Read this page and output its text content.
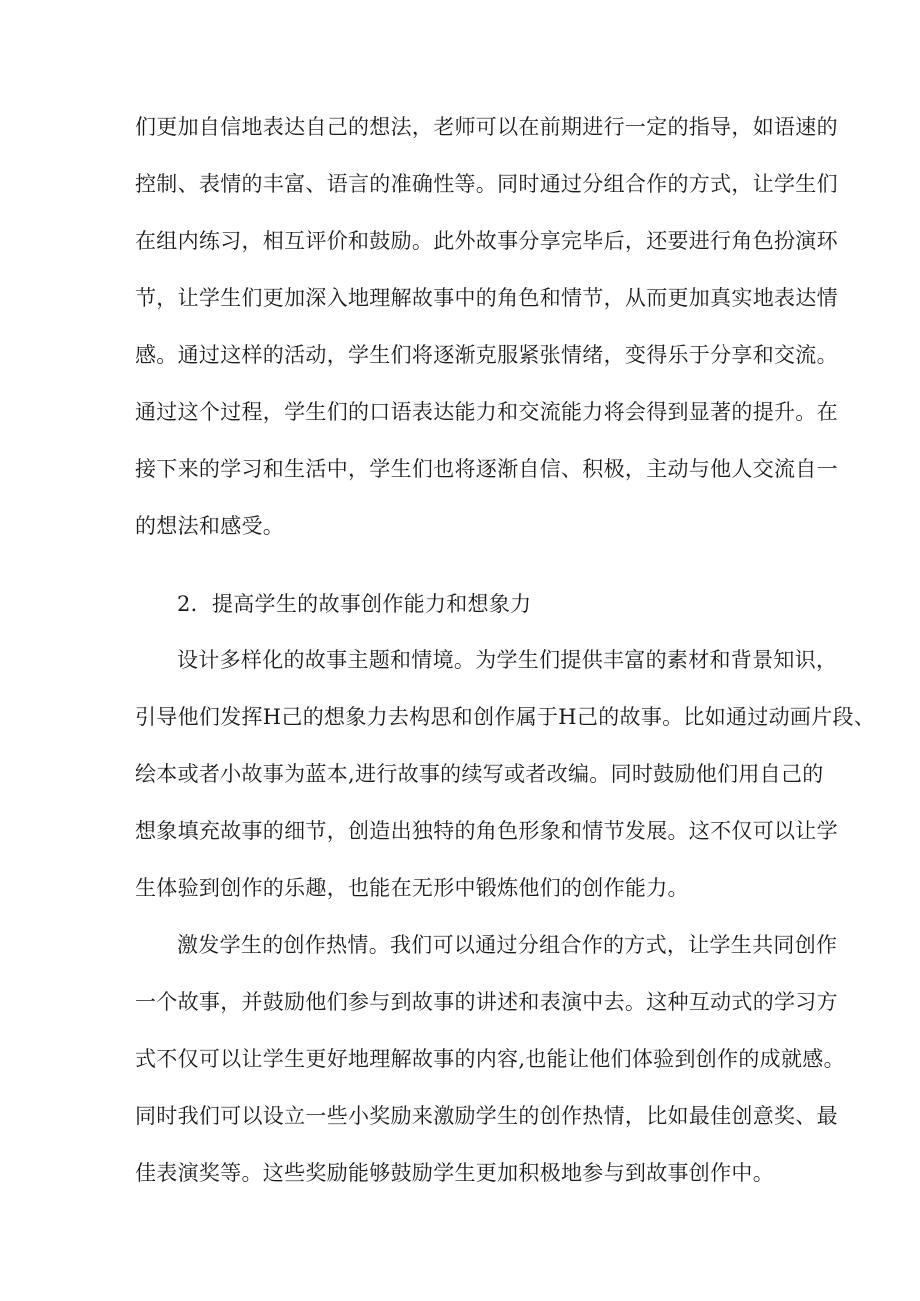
们更加自信地表达自己的想法，老师可以在前期进行一定的指导，如语速的
控制、表情的丰富、语言的准确性等。同时通过分组合作的方式，让学生们
在组内练习，相互评价和鼓励。此外故事分享完毕后，还要进行角色扮演环
节，让学生们更加深入地理解故事中的角色和情节，从而更加真实地表达情
感。通过这样的活动，学生们将逐渐克服紧张情绪，变得乐于分享和交流。
通过这个过程，学生们的口语表达能力和交流能力将会得到显著的提升。在
接下来的学习和生活中，学生们也将逐渐自信、积极，主动与他人交流自一
的想法和感受。
2．提高学生的故事创作能力和想象力
设计多样化的故事主题和情境。为学生们提供丰富的素材和背景知识，
引导他们发挥H己的想象力去构思和创作属于H己的故事。比如通过动画片段、
绘本或者小故事为蓝本,进行故事的续写或者改编。同时鼓励他们用自己的
想象填充故事的细节，创造出独特的角色形象和情节发展。这不仅可以让学
生体验到创作的乐趣，也能在无形中锻炼他们的创作能力。
激发学生的创作热情。我们可以通过分组合作的方式，让学生共同创作
一个故事，并鼓励他们参与到故事的讲述和表演中去。这种互动式的学习方
式不仅可以让学生更好地理解故事的内容,也能让他们体验到创作的成就感。
同时我们可以设立一些小奖励来激励学生的创作热情，比如最佳创意奖、最
佳表演奖等。这些奖励能够鼓励学生更加积极地参与到故事创作中。
